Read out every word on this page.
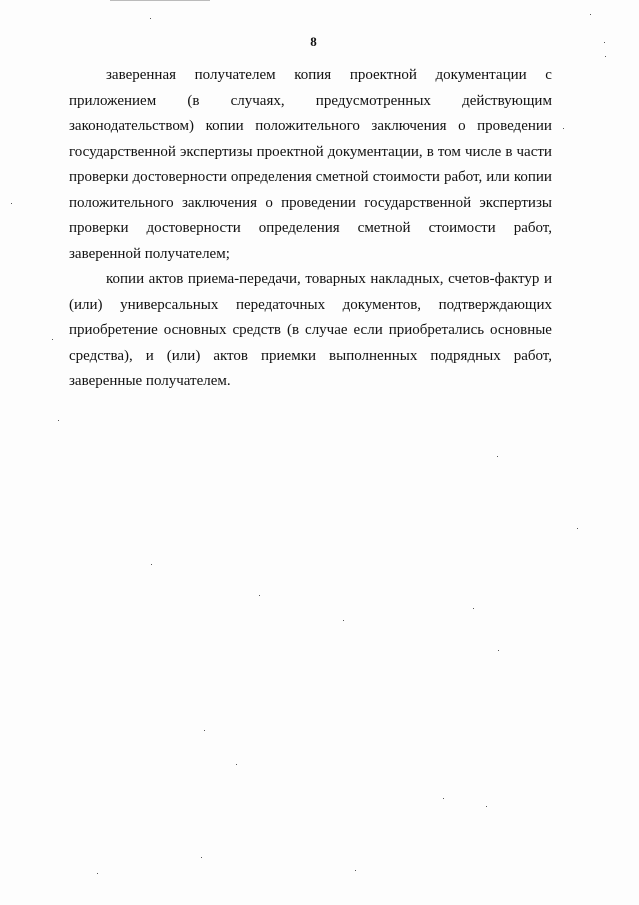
8
заверенная получателем копия проектной документации с
приложением (в случаях, предусмотренных действующим
законодательством) копии положительного заключения о проведении
государственной экспертизы проектной документации, в том числе в части
проверки достоверности определения сметной стоимости работ, или копии
положительного заключения о проведении государственной экспертизы
проверки достоверности определения сметной стоимости работ,
заверенной получателем;
копии актов приема-передачи, товарных накладных, счетов-фактур и
(или) универсальных передаточных документов, подтверждающих
приобретение основных средств (в случае если приобретались основные
средства), и (или) актов приемки выполненных подрядных работ,
заверенные получателем.
